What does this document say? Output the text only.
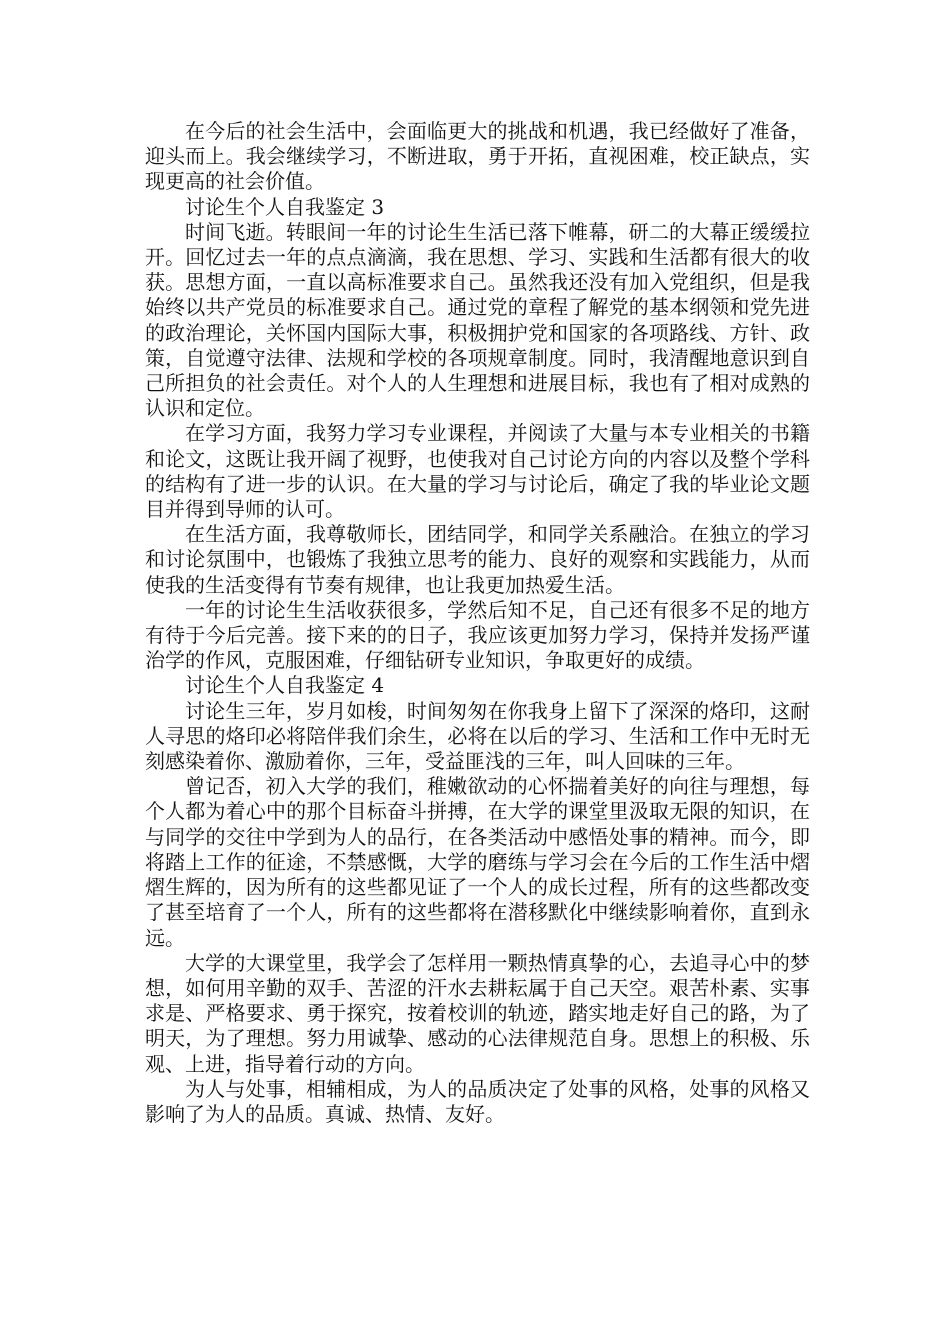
在今后的社会生活中，会面临更大的挑战和机遇，我已经做好了准备，迎头而上。我会继续学习，不断进取，勇于开拓，直视困难，校正缺点，实现更高的社会价值。

讨论生个人自我鉴定 3

时间飞逝。转眼间一年的讨论生生活已落下帷幕，研二的大幕正缓缓拉开。回忆过去一年的点点滴滴，我在思想、学习、实践和生活都有很大的收获。思想方面，一直以高标准要求自己。虽然我还没有加入党组织，但是我始终以共产党员的标准要求自己。通过党的章程了解党的基本纲领和党先进的政治理论，关怀国内国际大事，积极拥护党和国家的各项路线、方针、政策，自觉遵守法律、法规和学校的各项规章制度。同时，我清醒地意识到自己所担负的社会责任。对个人的人生理想和进展目标，我也有了相对成熟的认识和定位。

在学习方面，我努力学习专业课程，并阅读了大量与本专业相关的书籍和论文，这既让我开阔了视野，也使我对自己讨论方向的内容以及整个学科的结构有了进一步的认识。在大量的学习与讨论后，确定了我的毕业论文题目并得到导师的认可。

在生活方面，我尊敬师长，团结同学，和同学关系融洽。在独立的学习和讨论氛围中，也锻炼了我独立思考的能力、良好的观察和实践能力，从而使我的生活变得有节奏有规律，也让我更加热爱生活。

一年的讨论生生活收获很多，学然后知不足，自己还有很多不足的地方有待于今后完善。接下来的的日子，我应该更加努力学习，保持并发扬严谨治学的作风，克服困难，仔细钻研专业知识，争取更好的成绩。

讨论生个人自我鉴定 4

讨论生三年，岁月如梭，时间匆匆在你我身上留下了深深的烙印，这耐人寻思的烙印必将陪伴我们余生，必将在以后的学习、生活和工作中无时无刻感染着你、激励着你，三年，受益匪浅的三年，叫人回味的三年。

曾记否，初入大学的我们，稚嫩欲动的心怀揣着美好的向往与理想，每个人都为着心中的那个目标奋斗拼搏，在大学的课堂里汲取无限的知识，在与同学的交往中学到为人的品行，在各类活动中感悟处事的精神。而今，即将踏上工作的征途，不禁感慨，大学的磨练与学习会在今后的工作生活中熠熠生辉的，因为所有的这些都见证了一个人的成长过程，所有的这些都改变了甚至培育了一个人，所有的这些都将在潜移默化中继续影响着你，直到永远。

大学的大课堂里，我学会了怎样用一颗热情真挚的心，去追寻心中的梦想，如何用辛勤的双手、苦涩的汗水去耕耘属于自己天空。艰苦朴素、实事求是、严格要求、勇于探究，按着校训的轨迹，踏实地走好自己的路，为了明天，为了理想。努力用诚挚、感动的心法律规范自身。思想上的积极、乐观、上进，指导着行动的方向。

为人与处事，相辅相成，为人的品质决定了处事的风格，处事的风格又影响了为人的品质。真诚、热情、友好。
